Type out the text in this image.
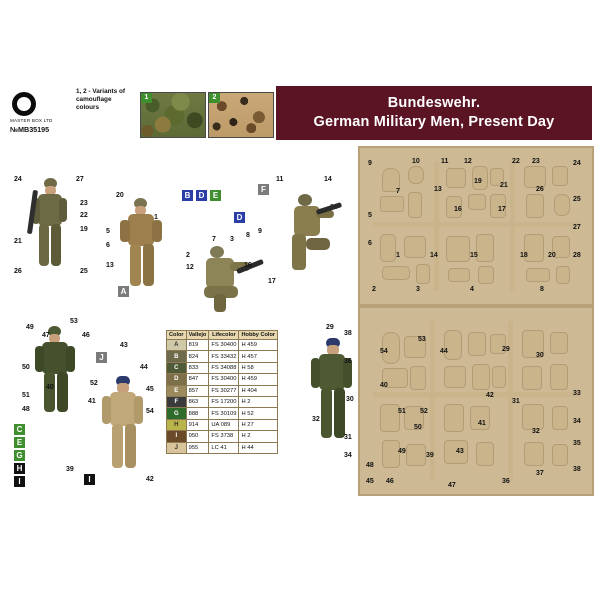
MASTER BOX LTD
№MB35195
1, 2 - Variants of camouflage colours
1	2	Bundeswehr.
German Military Men, Present Day
9	10	11 12	22 23	24
7	13
19
21
26
25
5
16	17
27
6
1	14	15	18	20 28
2	3	4	8
54	44	29
30
51 52
42
31
33
34
50
41
32
35
49
39
40
43
38
48
45 46
47
36
37
53
24	27
23
22
19
21
20
26	25
A
5
6
13
1
B	D	E
F
D
2
7 3
8
9
11	14
12	16
17
29
38
36
30
31
32
34
49
53
47	46
43
50	44
51
45
48
52
40
54
J
41
39
42
I
C
E
G
H
I
Color	Vallejo	Lifecolor	Hobby Color
A	819	FS 30400	H 459
B	824	FS 33432	H 457
C	833	FS 34088	H 58
D	847	FS 30400	H 459
E	857	FS 30277	H 404
F	863	FS 17200	H 2
G	888	FS 30109	H 52
H	914	UA 089	H 27
I	950	FS 3738	H 2
J	955	LC 41	H 44
